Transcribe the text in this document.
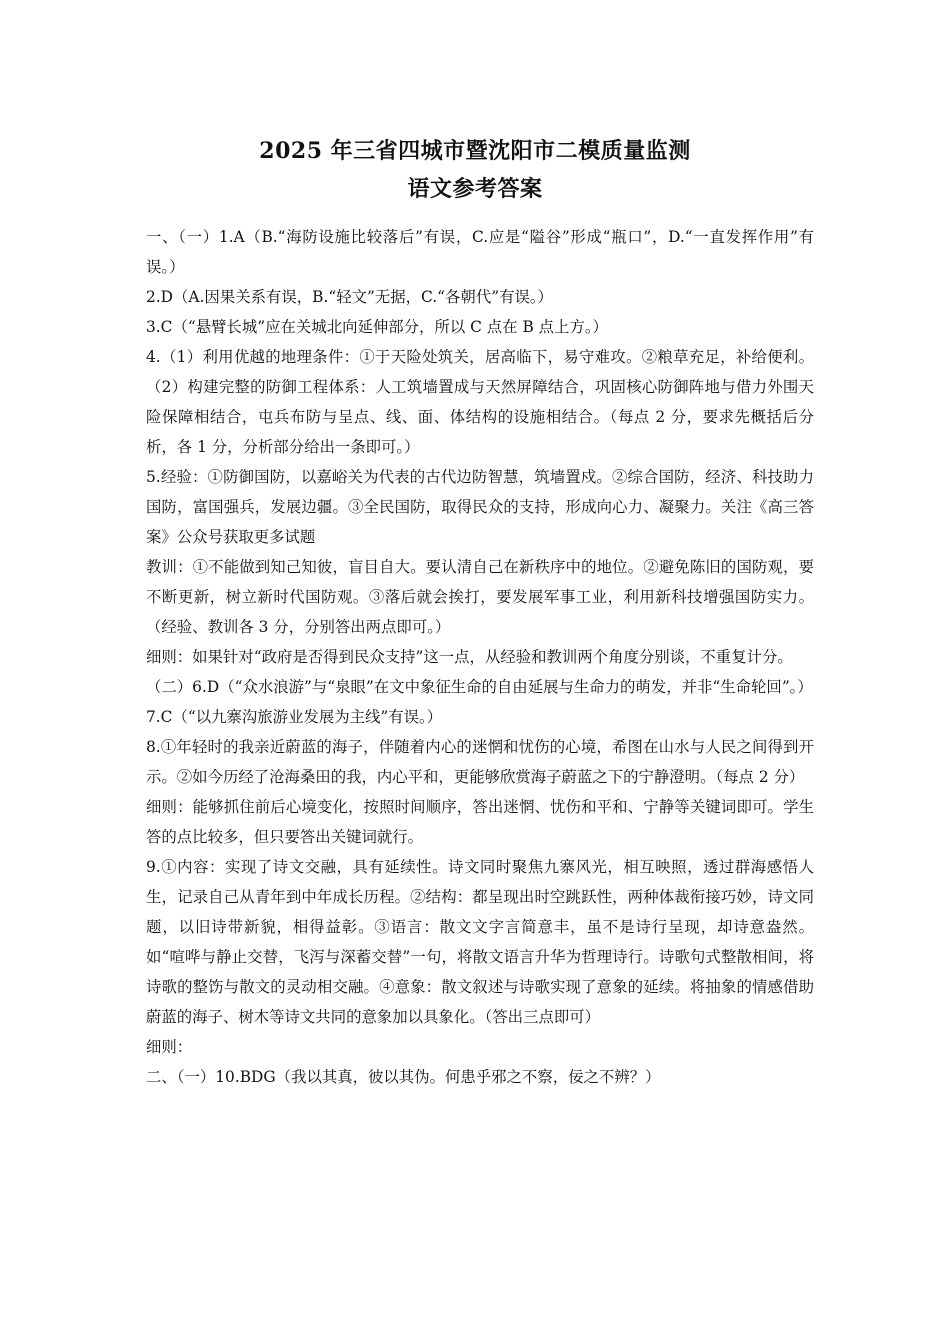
2025 年三省四城市暨沈阳市二模质量监测
语文参考答案

一、（一）1.A（B.“海防设施比较落后”有误，C.应是“隘谷”形成“瓶口”，D.“一直发挥作用”有误。）

2.D（A.因果关系有误，B.“轻文”无据，C.“各朝代”有误。）

3.C（“悬臂长城”应在关城北向延伸部分，所以 C 点在 B 点上方。）

4.（1）利用优越的地理条件：①于天险处筑关，居高临下，易守难攻。②粮草充足，补给便利。（2）构建完整的防御工程体系：人工筑墙置成与天然屏障结合，巩固核心防御阵地与借力外围天险保障相结合，屯兵布防与呈点、线、面、体结构的设施相结合。（每点 2 分，要求先概括后分析，各 1 分，分析部分给出一条即可。）

5.经验：①防御国防，以嘉峪关为代表的古代边防智慧，筑墙置戍。②综合国防，经济、科技助力国防，富国强兵，发展边疆。③全民国防，取得民众的支持，形成向心力、凝聚力。关注《高三答案》公众号获取更多试题

教训：①不能做到知己知彼，盲目自大。要认清自己在新秩序中的地位。②避免陈旧的国防观，要不断更新，树立新时代国防观。③落后就会挨打，要发展军事工业，利用新科技增强国防实力。（经验、教训各 3 分，分别答出两点即可。）

细则：如果针对“政府是否得到民众支持”这一点，从经验和教训两个角度分别谈，不重复计分。

（二）6.D（“众水浪游”与“泉眼”在文中象征生命的自由延展与生命力的萌发，并非“生命轮回”。）

7.C（“以九寨沟旅游业发展为主线”有误。）

8.①年轻时的我亲近蔚蓝的海子，伴随着内心的迷惘和忧伤的心境，希图在山水与人民之间得到开示。②如今历经了沧海桑田的我，内心平和，更能够欣赏海子蔚蓝之下的宁静澄明。（每点 2 分）

细则：能够抓住前后心境变化，按照时间顺序，答出迷惘、忧伤和平和、宁静等关键词即可。学生答的点比较多，但只要答出关键词就行。

9.①内容：实现了诗文交融，具有延续性。诗文同时聚焦九寨风光，相互映照，透过群海感悟人生，记录自己从青年到中年成长历程。②结构：都呈现出时空跳跃性，两种体裁衔接巧妙，诗文同题，以旧诗带新貌，相得益彰。③语言：散文文字言简意丰，虽不是诗行呈现，却诗意盎然。如“喧哗与静止交替，飞泻与深蓄交替”一句，将散文语言升华为哲理诗行。诗歌句式整散相间，将诗歌的整饬与散文的灵动相交融。④意象：散文叙述与诗歌实现了意象的延续。将抽象的情感借助蔚蓝的海子、树木等诗文共同的意象加以具象化。（答出三点即可）

细则：

二、（一）10.BDG（我以其真，彼以其伪。何患乎邪之不察，佞之不辨？）
